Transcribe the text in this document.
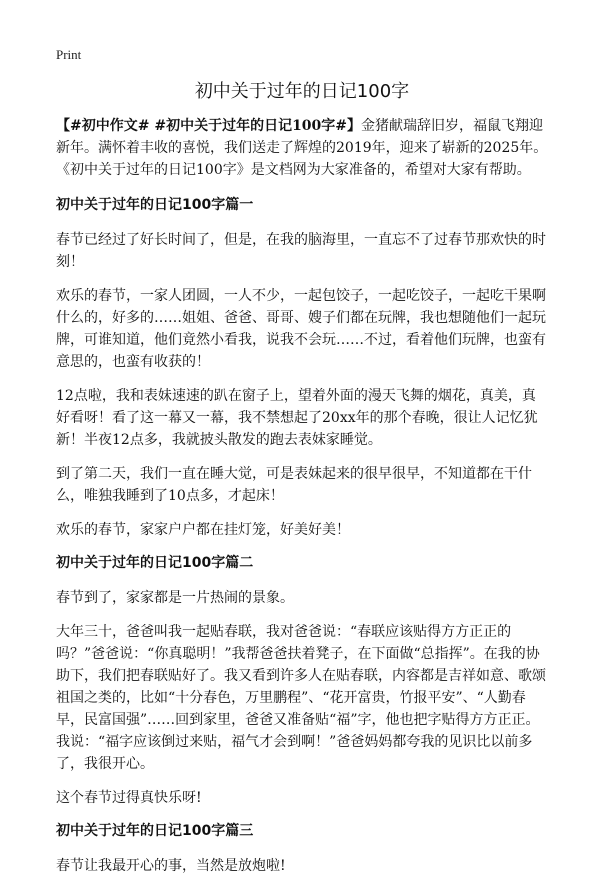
Print
初中关于过年的日记100字

【#初中作文# #初中关于过年的日记100字#】金猪献瑞辞旧岁，福鼠飞翔迎新年。满怀着丰收的喜悦，我们送走了辉煌的2019年，迎来了崭新的2025年。《初中关于过年的日记100字》是文档网为大家准备的，希望对大家有帮助。

初中关于过年的日记100字篇一

春节已经过了好长时间了，但是，在我的脑海里，一直忘不了过春节那欢快的时刻！

欢乐的春节，一家人团圆，一人不少，一起包饺子，一起吃饺子，一起吃干果啊什么的，好多的……姐姐、爸爸、哥哥、嫂子们都在玩牌，我也想随他们一起玩牌，可谁知道，他们竟然小看我，说我不会玩……不过，看着他们玩牌，也蛮有意思的，也蛮有收获的！

12点啦，我和表妹速速的趴在窗子上，望着外面的漫天飞舞的烟花，真美，真好看呀！看了这一幕又一幕，我不禁想起了20xx年的那个春晚，很让人记忆犹新！半夜12点多，我就披头散发的跑去表妹家睡觉。

到了第二天，我们一直在睡大觉，可是表妹起来的很早很早，不知道都在干什么，唯独我睡到了10点多，才起床！

欢乐的春节，家家户户都在挂灯笼，好美好美！

初中关于过年的日记100字篇二

春节到了，家家都是一片热闹的景象。

大年三十，爸爸叫我一起贴春联，我对爸爸说：“春联应该贴得方方正正的吗？”爸爸说：“你真聪明！”我帮爸爸扶着凳子，在下面做“总指挥”。在我的协助下，我们把春联贴好了。我又看到许多人在贴春联，内容都是吉祥如意、歌颂祖国之类的，比如“十分春色，万里鹏程”、“花开富贵，竹报平安”、“人勤春早，民富国强”……回到家里，爸爸又准备贴“福”字，他也把字贴得方方正正。我说：“福字应该倒过来贴，福气才会到啊！”爸爸妈妈都夸我的见识比以前多了，我很开心。

这个春节过得真快乐呀!

初中关于过年的日记100字篇三

春节让我最开心的事，当然是放炮啦!
